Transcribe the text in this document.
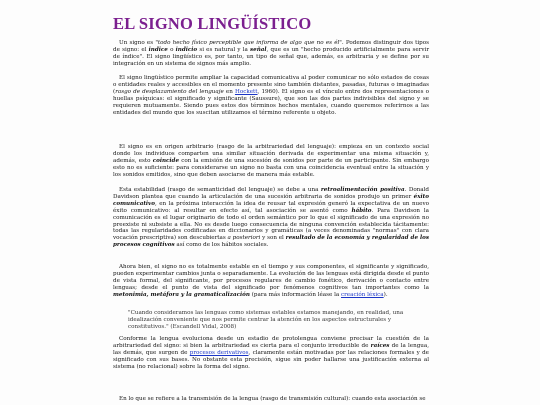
EL SIGNO LINGÜÍSTICO
Un signo es "todo hecho físico perceptible que informa de algo que no es él". Podemos distinguir dos tipos de signo: el indice o indicio si es natural y la señal, que es un "hecho producido artificialmente para servir de índice". El signo lingüístico es, por tanto, un tipo de señal que, además, es arbitraria y se define por su integración en un sistema de signos más amplio.
El signo lingüístico permite ampliar la capacidad comunicativa al poder comunicar no sólo estados de cosas o entidades reales y accesibles en el momento presente sino también distantes, pasadas, futuras o imaginadas (rasgo de desplazamiento del lenguaje en Hockett, 1960). El signo es el vínculo entre dos representaciones o huellas psíquicas: el significado y significante (Saussure), que son las dos partes indivisibles del signo y se requieren mutuamente. Siendo pues estos dos términos hechos mentales, cuando queremos referirnos a las entidades del mundo que los suscitan utilizamos el término referente u objeto.
El signo es en origen arbitrario (rasgo de la arbitrariedad del lenguaje): empieza en un contexto social donde los individuos comparten una similar situación derivada de experimentar una misma situación y, además, esto coincide con la emisión de una sucesión de sonidos por parte de un participante. Sin embargo esto no es suficiente: para considerarse un signo no basta con una coincidencia eventual entre la situación y los sonidos emitidos, sino que deben asociarse de manera más estable.
Esta estabilidad (rasgo de semanticidad del lenguaje) se debe a una retroalimentación positiva. Donald Davidson plantea que cuando la articulación de una sucesión arbitraria de sonidos produjo un primer éxito comunicativo, en la próxima interacción la idea de reusar tal expresión generó la expectativa de un nuevo éxito comunicativo: al resultar en efecto así, tal asociación se asentó como hábito. Para Davidson la comunicación es el lugar originario de todo el orden semántico por lo que el significado de una expresión no preexiste ni subsiste a ella. No es desde luego consecuencia de ninguna convención establecida tácitamente: todas las regularidades codificadas en diccionarios y gramáticas (a veces denominadas "normas" con clara vocación prescriptiva) son descubiertas a posteriori y son el resultado de la economía y regularidad de los procesos cognitivos así como de los hábitos sociales.
Ahora bien, el signo no es totalmente estable en el tiempo y sus componentes, el significante y significado, pueden experimentar cambios junta o separadamente. La evolución de las lenguas está dirigida desde el punto de vista formal, del significante, por procesos regulares de cambio fonético, derivación o contacto entre lenguas; desde el punto de vista del significado por fenómenos cognitivos tan importantes como la metonimia, metáfora y la gramaticalización (para más información léase la creación léxica).
"Cuando consideramos las lenguas como sistemas estables estamos manejando, en realidad, una idealización conveniente que nos permite centrar la atención en los aspectos estructurales y constitutivos." (Escandell Vidal, 2008)
Conforme la lengua evoluciona desde un estadio de protolengua conviene precisar la cuestión de la arbitrariedad del signo: si bien la arbitrariedad es cierta para el conjunto irreducible de raíces de la lengua, las demás, que surgen de procesos derivativos, claramente están motivadas por las relaciones formales y de significado con sus bases. No obstante esta precisión, sigue sin poder hallarse una justificación externa al sistema (no relacional) sobre la forma del signo.
En lo que se refiere a la transmisión de la lengua (rasgo de transmisión cultural): cuando esta asociación se
